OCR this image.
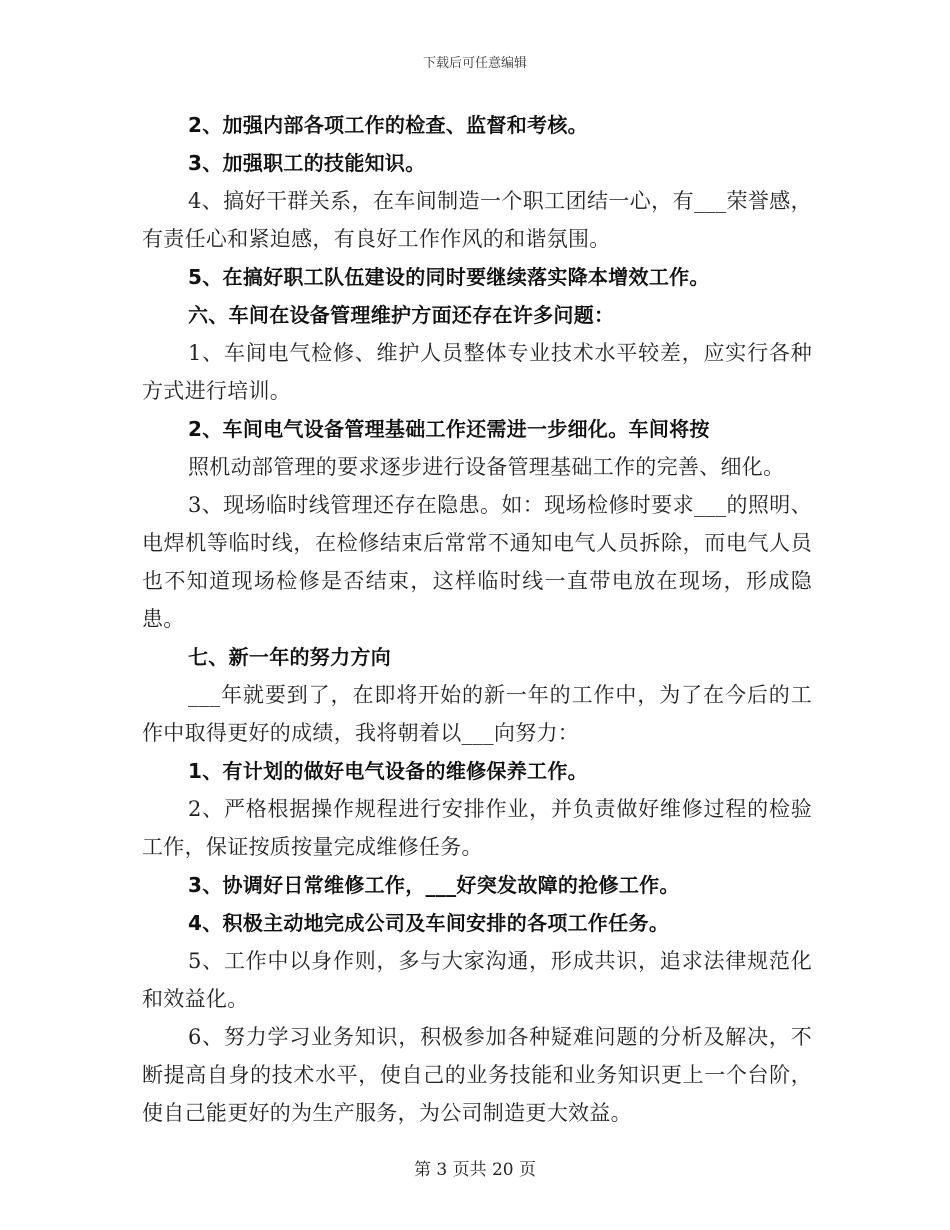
下载后可任意编辑

2、加强内部各项工作的检查、监督和考核。

3、加强职工的技能知识。

4、搞好干群关系，在车间制造一个职工团结一心，有___荣誉感，有责任心和紧迫感，有良好工作作风的和谐氛围。

5、在搞好职工队伍建设的同时要继续落实降本增效工作。

六、车间在设备管理维护方面还存在许多问题：

1、车间电气检修、维护人员整体专业技术水平较差，应实行各种方式进行培训。

2、车间电气设备管理基础工作还需进一步细化。车间将按

照机动部管理的要求逐步进行设备管理基础工作的完善、细化。

3、现场临时线管理还存在隐患。如：现场检修时要求___的照明、电焊机等临时线，在检修结束后常常不通知电气人员拆除，而电气人员也不知道现场检修是否结束，这样临时线一直带电放在现场，形成隐患。

七、新一年的努力方向

___年就要到了，在即将开始的新一年的工作中，为了在今后的工作中取得更好的成绩，我将朝着以___向努力：

1、有计划的做好电气设备的维修保养工作。

2、严格根据操作规程进行安排作业，并负责做好维修过程的检验工作，保证按质按量完成维修任务。

3、协调好日常维修工作，___好突发故障的抢修工作。

4、积极主动地完成公司及车间安排的各项工作任务。

5、工作中以身作则，多与大家沟通，形成共识，追求法律规范化和效益化。

6、努力学习业务知识，积极参加各种疑难问题的分析及解决，不断提高自身的技术水平，使自己的业务技能和业务知识更上一个台阶，使自己能更好的为生产服务，为公司制造更大效益。

第 3 页共 20 页
